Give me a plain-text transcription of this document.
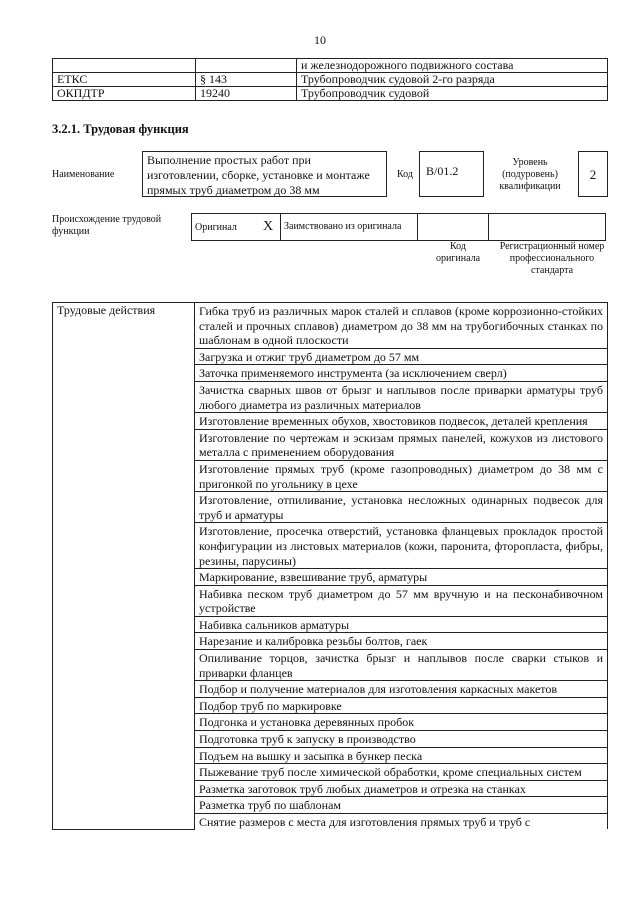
10
		и железнодорожного подвижного состава
ЕТКС	§ 143	Трубопроводчик судовой 2-го разряда
ОКПДТР	19240	Трубопроводчик судовой
3.2.1. Трудовая функция
Наименование
Выполнение простых работ при изготовлении, сборке, установке и монтаже прямых труб диаметром до 38 мм
Код	B/01.2
Уровень (подуровень) квалификации
2
Происхождение трудовой функции	Оригинал	X	Заимствовано из оригинала		
Код оригинала
Регистрационный номер профессионального стандарта
Трудовые действия	Гибка труб из различных марок сталей и сплавов (кроме коррозионно-стойких сталей и прочных сплавов) диаметром до 38 мм на трубогибочных станках по шаблонам в одной плоскости
Загрузка и отжиг труб диаметром до 57 мм
Заточка применяемого инструмента (за исключением сверл)
Зачистка сварных швов от брызг и наплывов после приварки арматуры труб любого диаметра из различных материалов
Изготовление временных обухов, хвостовиков подвесок, деталей крепления
Изготовление по чертежам и эскизам прямых панелей, кожухов из листового металла с применением оборудования
Изготовление прямых труб (кроме газопроводных) диаметром до 38 мм с пригонкой по угольнику в цехе
Изготовление, отпиливание, установка несложных одинарных подвесок для труб и арматуры
Изготовление, просечка отверстий, установка фланцевых прокладок простой конфигурации из листовых материалов (кожи, паронита, фторопласта, фибры, резины, парусины)
Маркирование, взвешивание труб, арматуры
Набивка песком труб диаметром до 57 мм вручную и на песконабивочном устройстве
Набивка сальников арматуры
Нарезание и калибровка резьбы болтов, гаек
Опиливание торцов, зачистка брызг и наплывов после сварки стыков и приварки фланцев
Подбор и получение материалов для изготовления каркасных макетов
Подбор труб по маркировке
Подгонка и установка деревянных пробок
Подготовка труб к запуску в производство
Подъем на вышку и засыпка в бункер песка
Пыжевание труб после химической обработки, кроме специальных систем
Разметка заготовок труб любых диаметров и отрезка на станках
Разметка труб по шаблонам

Снятие размеров с места для изготовления прямых труб и труб с
